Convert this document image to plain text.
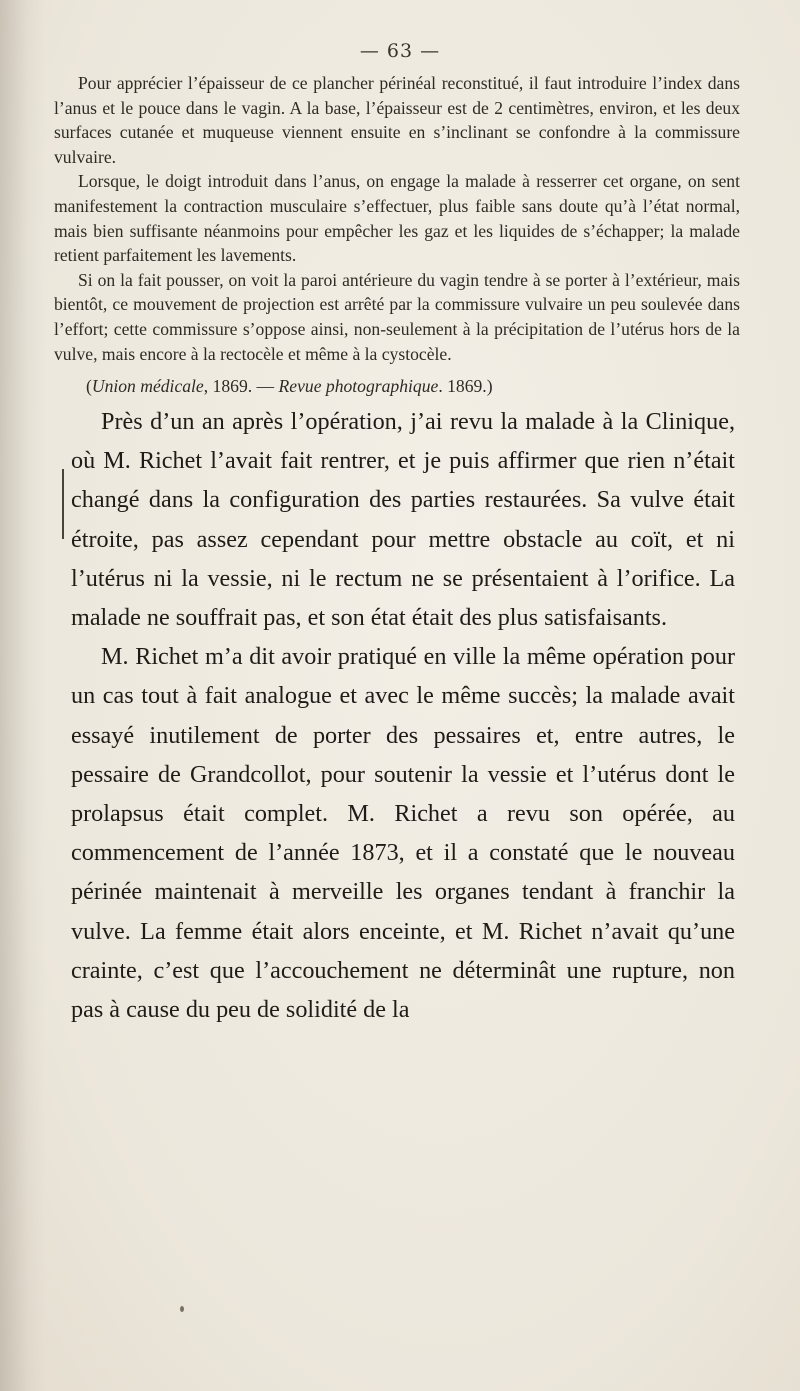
— 63 —

Pour apprécier l’épaisseur de ce plancher périnéal reconstitué, il faut introduire l’index dans l’anus et le pouce dans le vagin. A la base, l’épaisseur est de 2 centimètres, environ, et les deux surfaces cutanée et muqueuse viennent ensuite en s’inclinant se confondre à la commissure vulvaire.

Lorsque, le doigt introduit dans l’anus, on engage la malade à resserrer cet organe, on sent manifestement la contraction musculaire s’effectuer, plus faible sans doute qu’à l’état normal, mais bien suffisante néanmoins pour empêcher les gaz et les liquides de s’échapper; la malade retient parfaitement les lavements.

Si on la fait pousser, on voit la paroi antérieure du vagin tendre à se porter à l’extérieur, mais bientôt, ce mouvement de projection est arrêté par la commissure vulvaire un peu soulevée dans l’effort; cette commissure s’oppose ainsi, non-seulement à la précipitation de l’utérus hors de la vulve, mais encore à la rectocèle et même à la cystocèle.

(Union médicale, 1869. — Revue photographique. 1869.)

Près d’un an après l’opération, j’ai revu la malade à la Clinique, où M. Richet l’avait fait rentrer, et je puis affirmer que rien n’était changé dans la configuration des parties restaurées. Sa vulve était étroite, pas assez cependant pour mettre obstacle au coït, et ni l’utérus ni la vessie, ni le rectum ne se présentaient à l’orifice. La malade ne souffrait pas, et son état était des plus satisfaisants.

M. Richet m’a dit avoir pratiqué en ville la même opération pour un cas tout à fait analogue et avec le même succès; la malade avait essayé inutilement de porter des pessaires et, entre autres, le pessaire de Grandcollot, pour soutenir la vessie et l’utérus dont le prolapsus était complet. M. Richet a revu son opérée, au commencement de l’année 1873, et il a constaté que le nouveau périnée maintenait à merveille les organes tendant à franchir la vulve. La femme était alors enceinte, et M. Richet n’avait qu’une crainte, c’est que l’accouchement ne déterminât une rupture, non pas à cause du peu de solidité de la
